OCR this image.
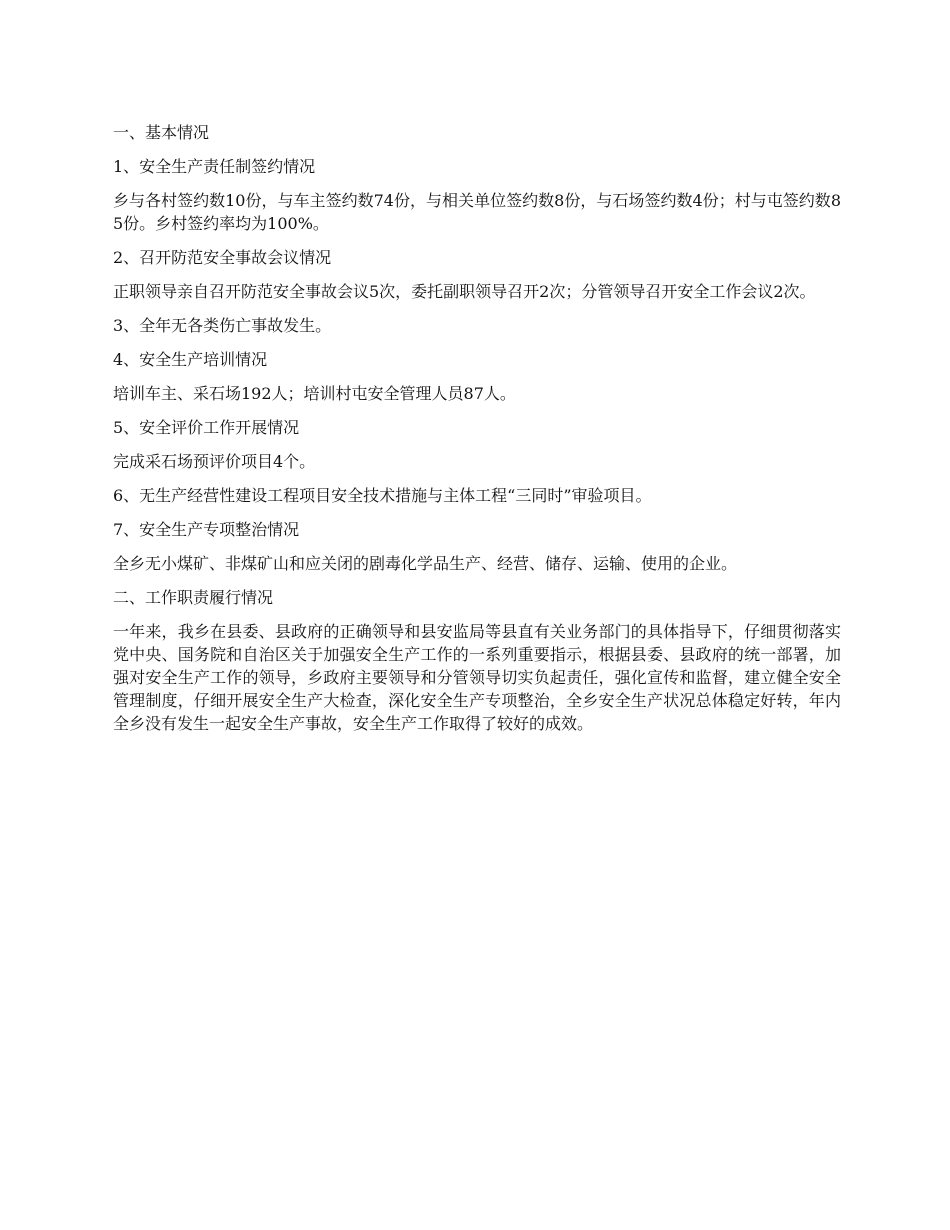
一、基本情况

1、安全生产责任制签约情况

乡与各村签约数10份，与车主签约数74份，与相关单位签约数8份，与石场签约数4份；村与屯签约数85份。乡村签约率均为100%。

2、召开防范安全事故会议情况

正职领导亲自召开防范安全事故会议5次，委托副职领导召开2次；分管领导召开安全工作会议2次。

3、全年无各类伤亡事故发生。

4、安全生产培训情况

培训车主、采石场192人；培训村屯安全管理人员87人。

5、安全评价工作开展情况

完成采石场预评价项目4个。

6、无生产经营性建设工程项目安全技术措施与主体工程“三同时”审验项目。

7、安全生产专项整治情况

全乡无小煤矿、非煤矿山和应关闭的剧毒化学品生产、经营、储存、运输、使用的企业。

二、工作职责履行情况

一年来，我乡在县委、县政府的正确领导和县安监局等县直有关业务部门的具体指导下，仔细贯彻落实党中央、国务院和自治区关于加强安全生产工作的一系列重要指示，根据县委、县政府的统一部署，加强对安全生产工作的领导，乡政府主要领导和分管领导切实负起责任，强化宣传和监督，建立健全安全管理制度，仔细开展安全生产大检查，深化安全生产专项整治，全乡安全生产状况总体稳定好转，年内全乡没有发生一起安全生产事故，安全生产工作取得了较好的成效。
